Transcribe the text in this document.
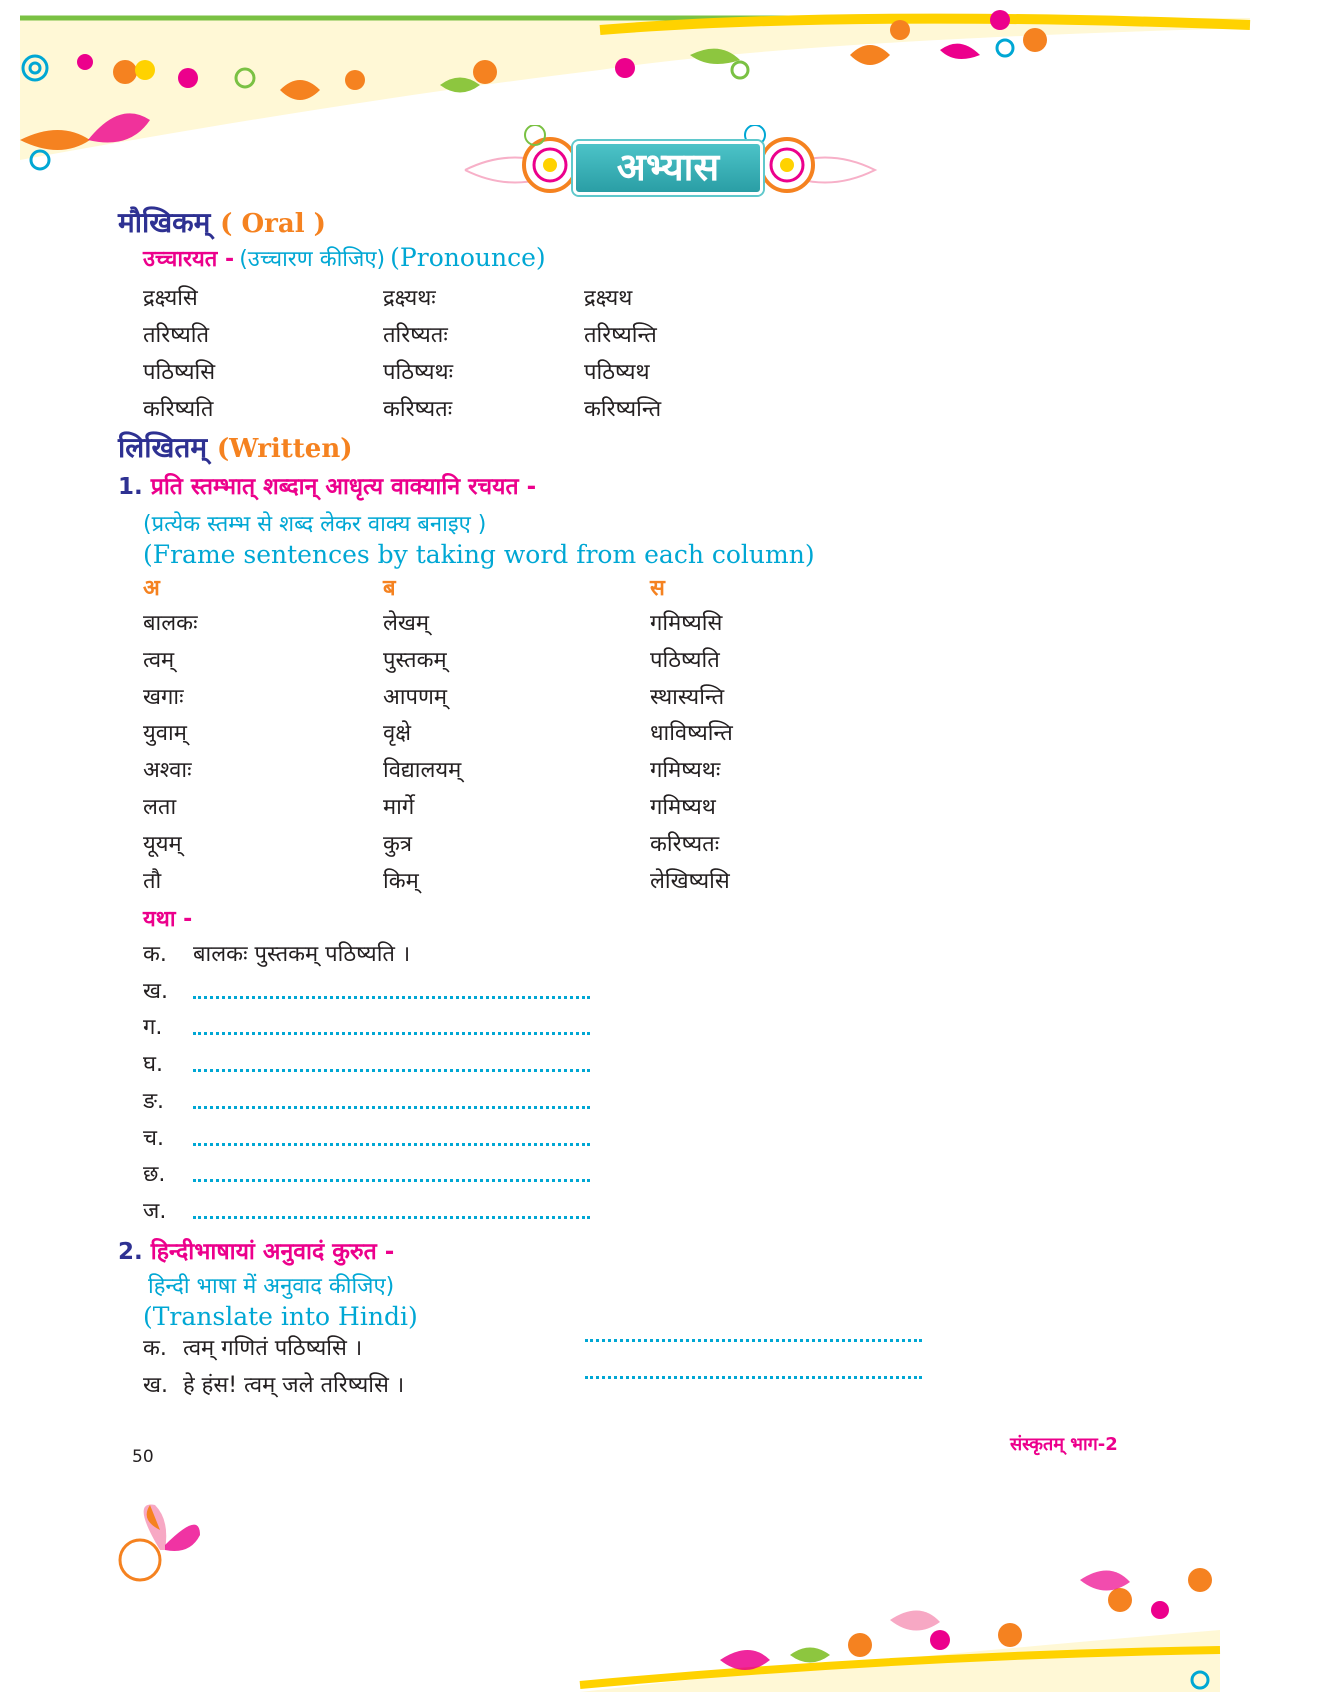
अभ्यास
मौखिकम् ( Oral )
उच्चारयत - (उच्चारण कीजिए) (Pronounce)
द्रक्ष्यसि	द्रक्ष्यथः	द्रक्ष्यथ
तरिष्यति	तरिष्यतः	तरिष्यन्ति
पठिष्यसि	पठिष्यथः	पठिष्यथ
करिष्यति	करिष्यतः	करिष्यन्ति
लिखितम् (Written)
1. प्रति स्तम्भात् शब्दान् आधृत्य वाक्यानि रचयत -
(प्रत्येक स्तम्भ से शब्द लेकर वाक्य बनाइए )
(Frame sentences by taking word from each column)
अ	ब	स
बालकः	लेखम्	गमिष्यसि
त्वम्	पुस्तकम्	पठिष्यति
खगाः	आपणम्	स्थास्यन्ति
युवाम्	वृक्षे	धाविष्यन्ति
अश्वाः	विद्यालयम्	गमिष्यथः
लता	मार्गे	गमिष्यथ
यूयम्	कुत्र	करिष्यतः
तौ	किम्	लेखिष्यसि
यथा -
क. बालकः पुस्तकम् पठिष्यति ।
ख.
ग.
घ.
ङ.
च.
छ.
ज.
2. हिन्दीभाषायां अनुवादं कुरुत -
हिन्दी भाषा में अनुवाद कीजिए)
(Translate into Hindi)
क. त्वम् गणितं पठिष्यसि ।
ख. हे हंस! त्वम् जले तरिष्यसि ।
50
संस्कृतम् भाग-2
